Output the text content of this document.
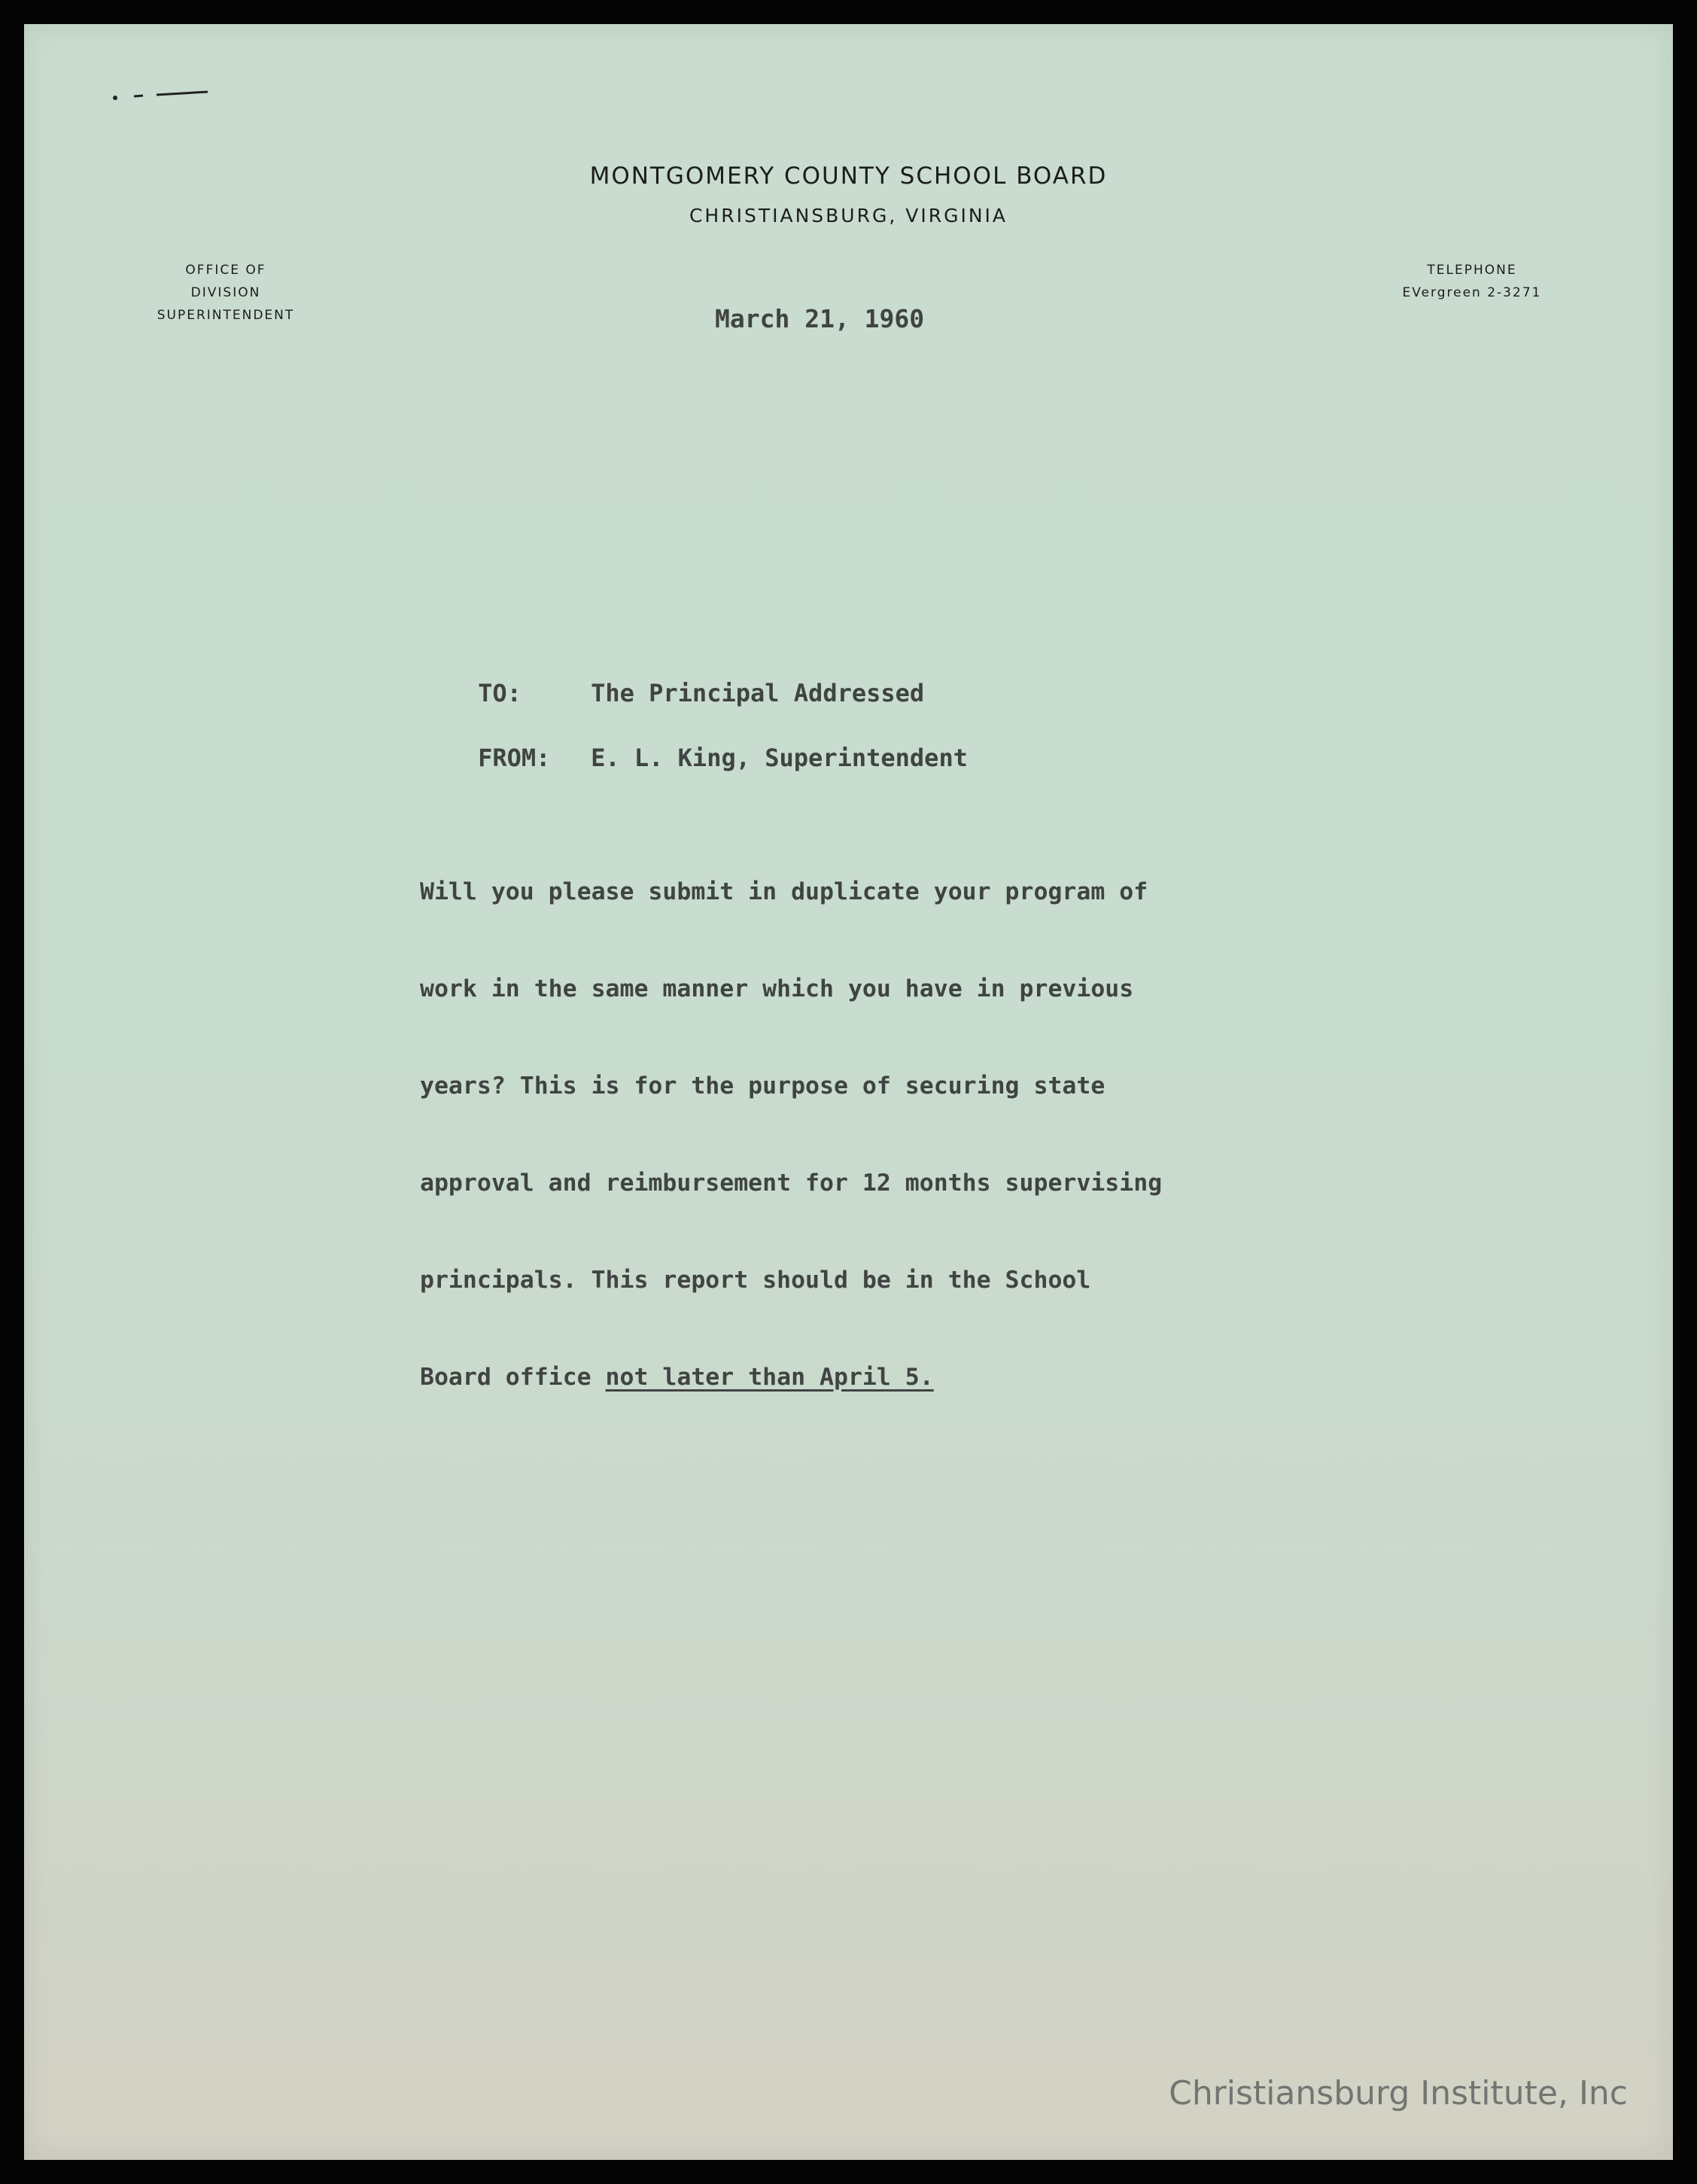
MONTGOMERY COUNTY SCHOOL BOARD
CHRISTIANSBURG, VIRGINIA
OFFICE OF
DIVISION SUPERINTENDENT
TELEPHONE
EVergreen 2-3271
March 21, 1960

TO:	The Principal Addressed

FROM: E. L. King, Superintendent

Will you please submit in duplicate your program of

work in the same manner which you have in previous

years? This is for the purpose of securing state

approval and reimbursement for 12 months supervising

principals. This report should be in the School

Board office not later than April 5.

Christiansburg Institute, Inc
